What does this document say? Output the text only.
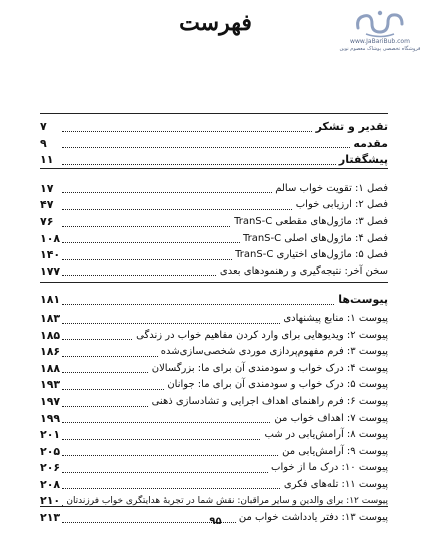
فهرست
www.JaBariBub.com
فروشگاه تخصصی پوشاک معصوم نوین
تقدیر و تشکر
۷
مقدمه
۹
پیشگفتار
۱۱
فصل ۱: تقویت خواب سالم
۱۷
فصل ۲: ارزیابی خواب
۴۷
فصل ۳: ماژول‌های مقطعی TranS-C
۷۶
فصل ۴: ماژول‌های اصلی TranS-C
۱۰۸
فصل ۵: ماژول‌های اختیاری TranS-C
۱۴۰
سخن آخر: نتیجه‌گیری و رهنمودهای بعدی
۱۷۷
پیوست‌ها
۱۸۱
پیوست ۱: منابع پیشنهادی
۱۸۳
پیوست ۲: ویدیوهایی برای وارد کردن مفاهیم خواب در زندگی
۱۸۵
پیوست ۳: فرم مفهوم‌پردازی موردی شخصی‌سازی‌شده
۱۸۶
پیوست ۴: درک خواب و سودمندی آن برای ما: بزرگسالان
۱۸۸
پیوست ۵: درک خواب و سودمندی آن برای ما: جوانان
۱۹۳
پیوست ۶: فرم راهنمای اهداف اجرایی و تشادسازی ذهنی
۱۹۷
پیوست ۷: اهداف خواب من
۱۹۹
پیوست ۸: آرامش‌یابی در شب
۲۰۱
پیوست ۹: آرامش‌یابی من
۲۰۵
پیوست ۱۰: درک ما از خواب
۲۰۶
پیوست ۱۱: تله‌های فکری
۲۰۸
پیوست ۱۲: برای والدین و سایر مراقبان: نقش شما در تجربهٔ هدایتگری خواب فرزندتان
۲۱۰
پیوست ۱۳: دفتر یادداشت خواب من
۲۱۳	۹۵
